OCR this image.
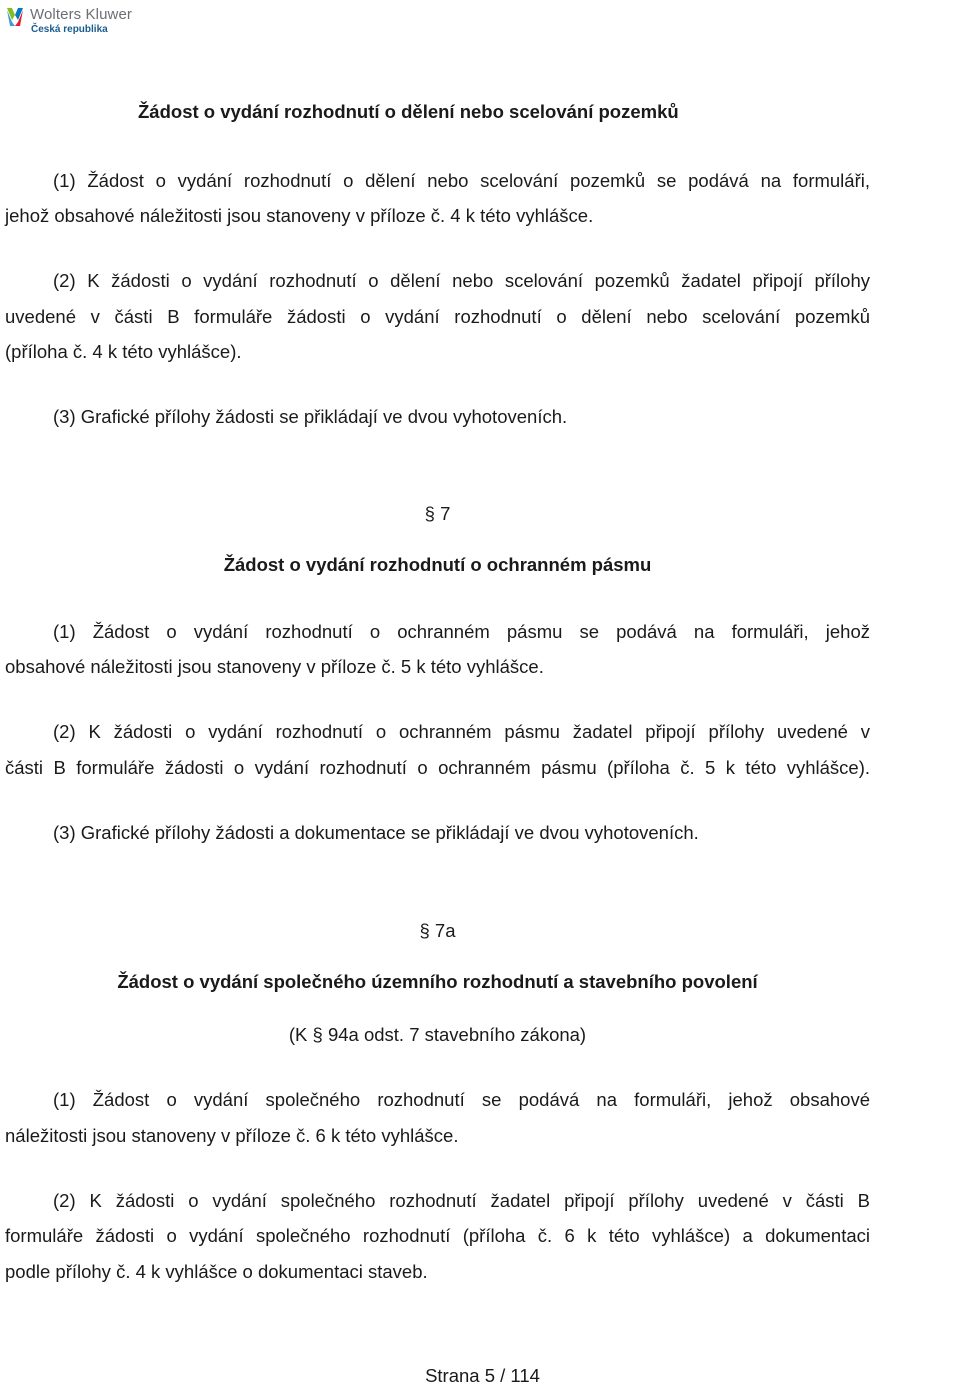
Wolters Kluwer
Česká republika
Žádost o vydání rozhodnutí o dělení nebo scelování pozemků
(1) Žádost o vydání rozhodnutí o dělení nebo scelování pozemků se podává na formuláři,
jehož obsahové náležitosti jsou stanoveny v příloze č. 4 k této vyhlášce.
(2) K žádosti o vydání rozhodnutí o dělení nebo scelování pozemků žadatel připojí přílohy
uvedené v části B formuláře žádosti o vydání rozhodnutí o dělení nebo scelování pozemků
(příloha č. 4 k této vyhlášce).
(3) Grafické přílohy žádosti se přikládají ve dvou vyhotoveních.
§ 7
Žádost o vydání rozhodnutí o ochranném pásmu
(1) Žádost o vydání rozhodnutí o ochranném pásmu se podává na formuláři, jehož
obsahové náležitosti jsou stanoveny v příloze č. 5 k této vyhlášce.
(2) K žádosti o vydání rozhodnutí o ochranném pásmu žadatel připojí přílohy uvedené v
části B formuláře žádosti o vydání rozhodnutí o ochranném pásmu (příloha č. 5 k této vyhlášce).
(3) Grafické přílohy žádosti a dokumentace se přikládají ve dvou vyhotoveních.
§ 7a
Žádost o vydání společného územního rozhodnutí a stavebního povolení
(K § 94a odst. 7 stavebního zákona)
(1) Žádost o vydání společného rozhodnutí se podává na formuláři, jehož obsahové
náležitosti jsou stanoveny v příloze č. 6 k této vyhlášce.
(2) K žádosti o vydání společného rozhodnutí žadatel připojí přílohy uvedené v části B
formuláře žádosti o vydání společného rozhodnutí (příloha č. 6 k této vyhlášce) a dokumentaci
podle přílohy č. 4 k vyhlášce o dokumentaci staveb.
Strana 5 / 114
